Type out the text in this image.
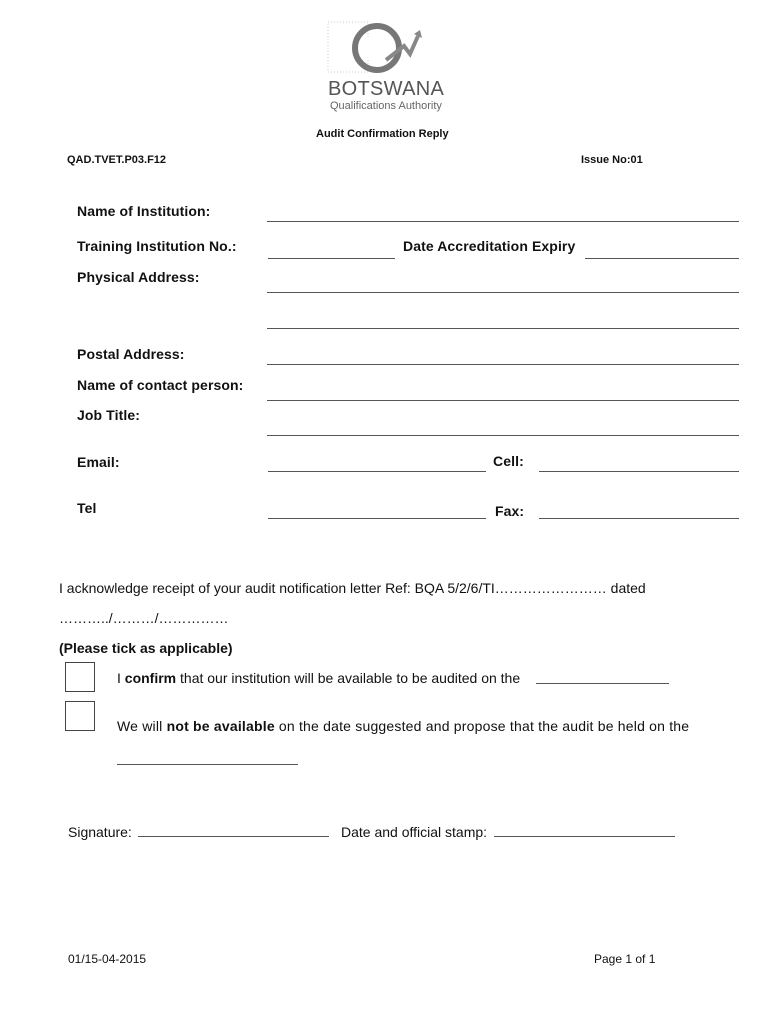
BOTSWANA
Qualifications Authority
Audit Confirmation Reply
QAD.TVET.P03.F12	Issue No:01
Name of Institution:
Training Institution No.:	Date Accreditation Expiry
Physical Address:
Postal Address:
Name of contact person:
Job Title:
Email:	Cell:
Tel	Fax:
I acknowledge receipt of your audit notification letter Ref: BQA 5/2/6/TI…………………… dated
………../………/……………
(Please tick as applicable)
I confirm that our institution will be available to be audited on the
We will not be available on the date suggested and propose that the audit be held on the
Signature:	Date and official stamp:
01/15-04-2015	Page 1 of 1
